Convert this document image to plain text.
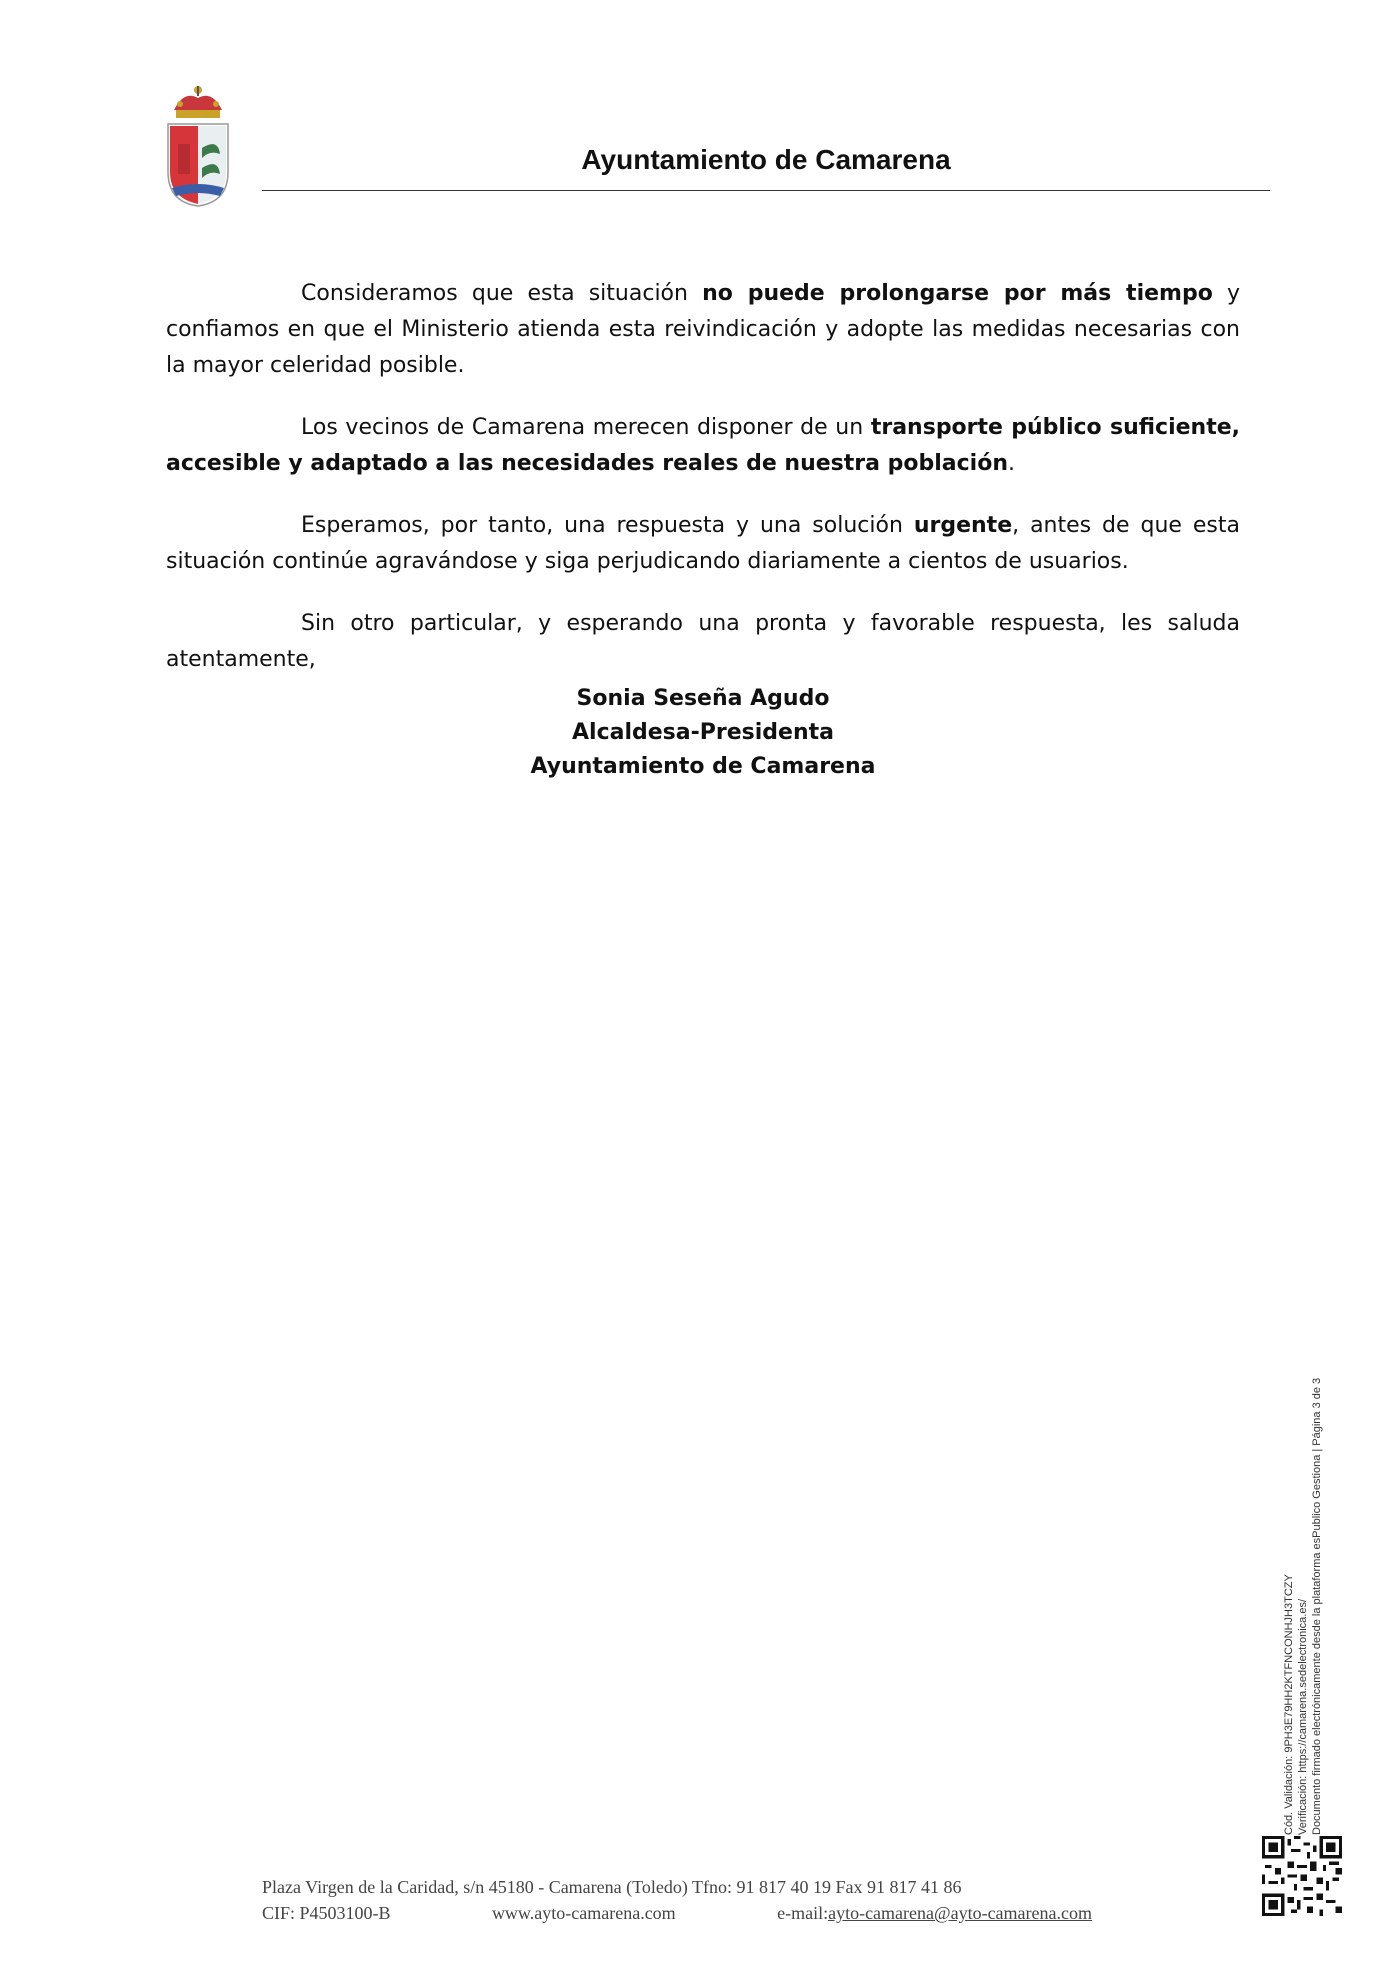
Ayuntamiento de Camarena

Consideramos que esta situación no puede prolongarse por más tiempo y confiamos en que el Ministerio atienda esta reivindicación y adopte las medidas necesarias con la mayor celeridad posible.

Los vecinos de Camarena merecen disponer de un transporte público suficiente, accesible y adaptado a las necesidades reales de nuestra población.

Esperamos, por tanto, una respuesta y una solución urgente, antes de que esta situación continúe agravándose y siga perjudicando diariamente a cientos de usuarios.

Sin otro particular, y esperando una pronta y favorable respuesta, les saluda atentamente,

Sonia Seseña Agudo
Alcaldesa-Presidenta
Ayuntamiento de Camarena
Cód. Validación: 9PH3E79HH2KTFNCONHJH3TCZY Verificación: https://camarena.sedelectronica.es/ Documento firmado electrónicamente desde la plataforma esPublico Gestiona | Página 3 de 3
Plaza Virgen de la Caridad, s/n 45180 - Camarena (Toledo) Tfno: 91 817 40 19 Fax 91 817 41 86
CIF: P4503100-B	www.ayto-camarena.com	e-mail:ayto-camarena@ayto-camarena.com
